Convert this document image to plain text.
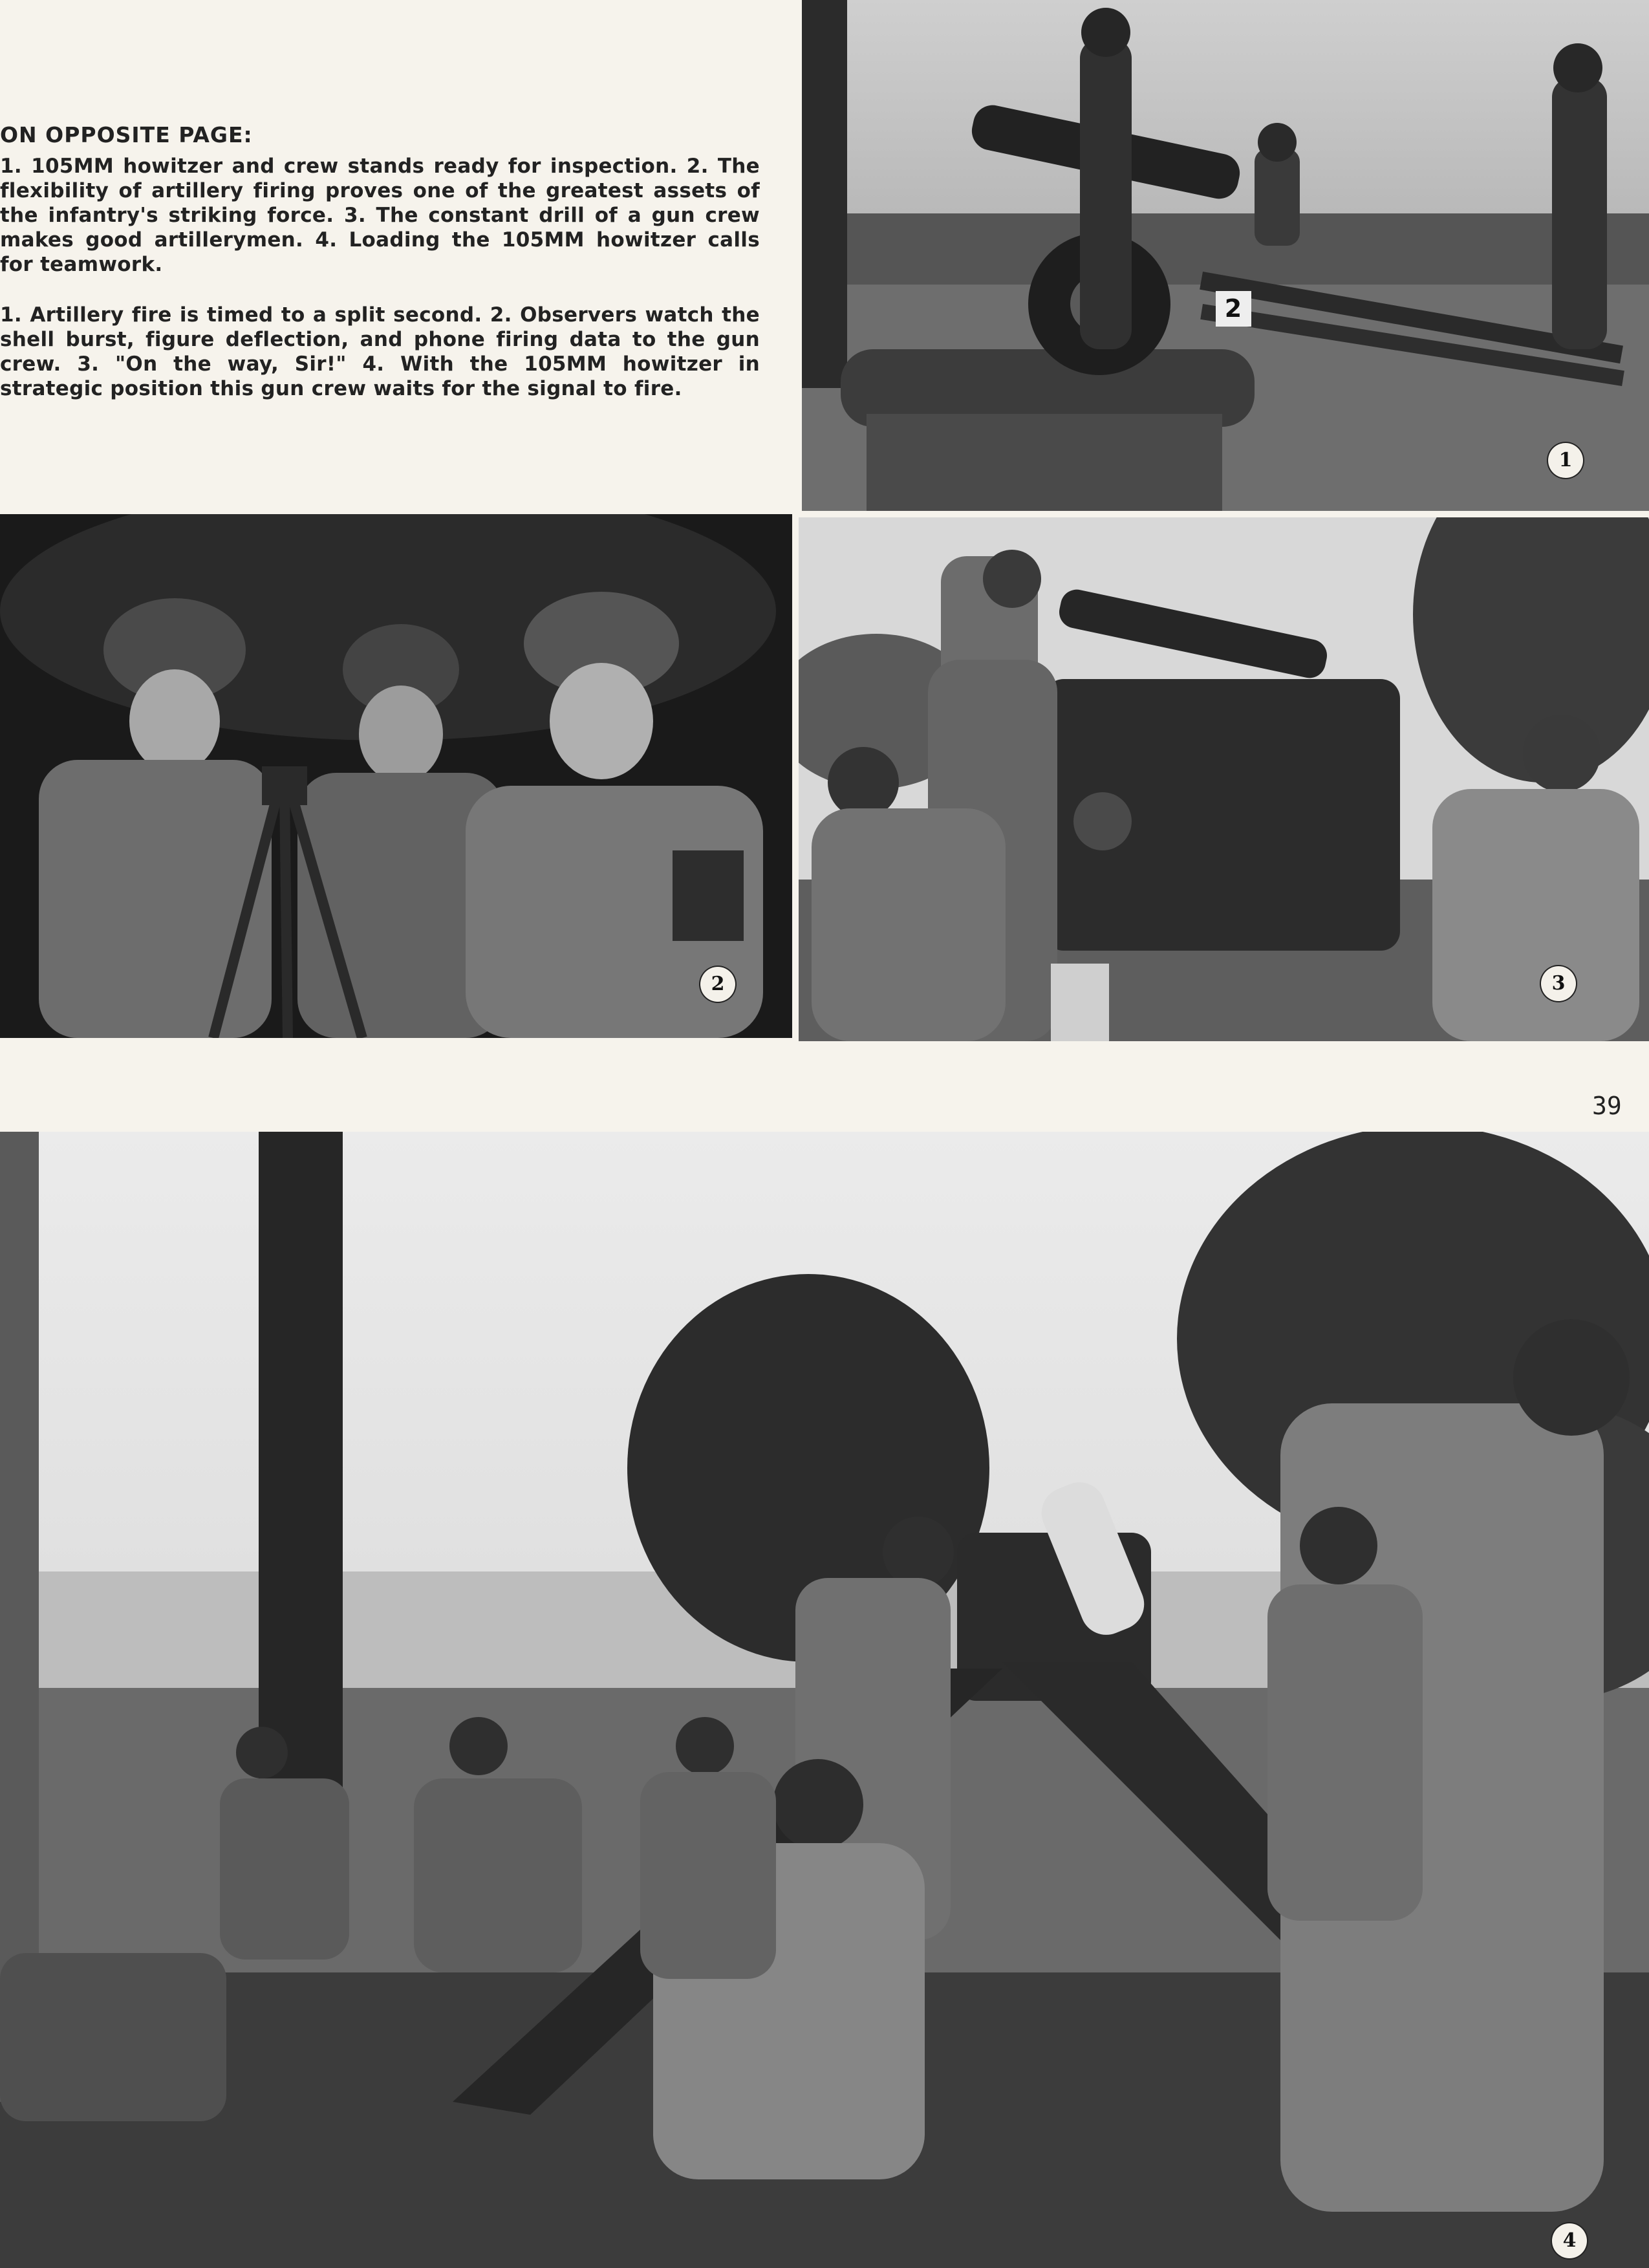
ON OPPOSITE PAGE:

1. 105MM howitzer and crew stands ready for inspection. 2. The flexibility of artillery firing proves one of the greatest assets of the infantry's striking force. 3. The constant drill of a gun crew makes good artillerymen. 4. Loading the 105MM howitzer calls for teamwork.

1. Artillery fire is timed to a split second. 2. Observers watch the shell burst, figure deflection, and phone firing data to the gun crew. 3. "On the way, Sir!" 4. With the 105MM howitzer in strategic position this gun crew waits for the signal to fire.

2
1
2	3
39
4
